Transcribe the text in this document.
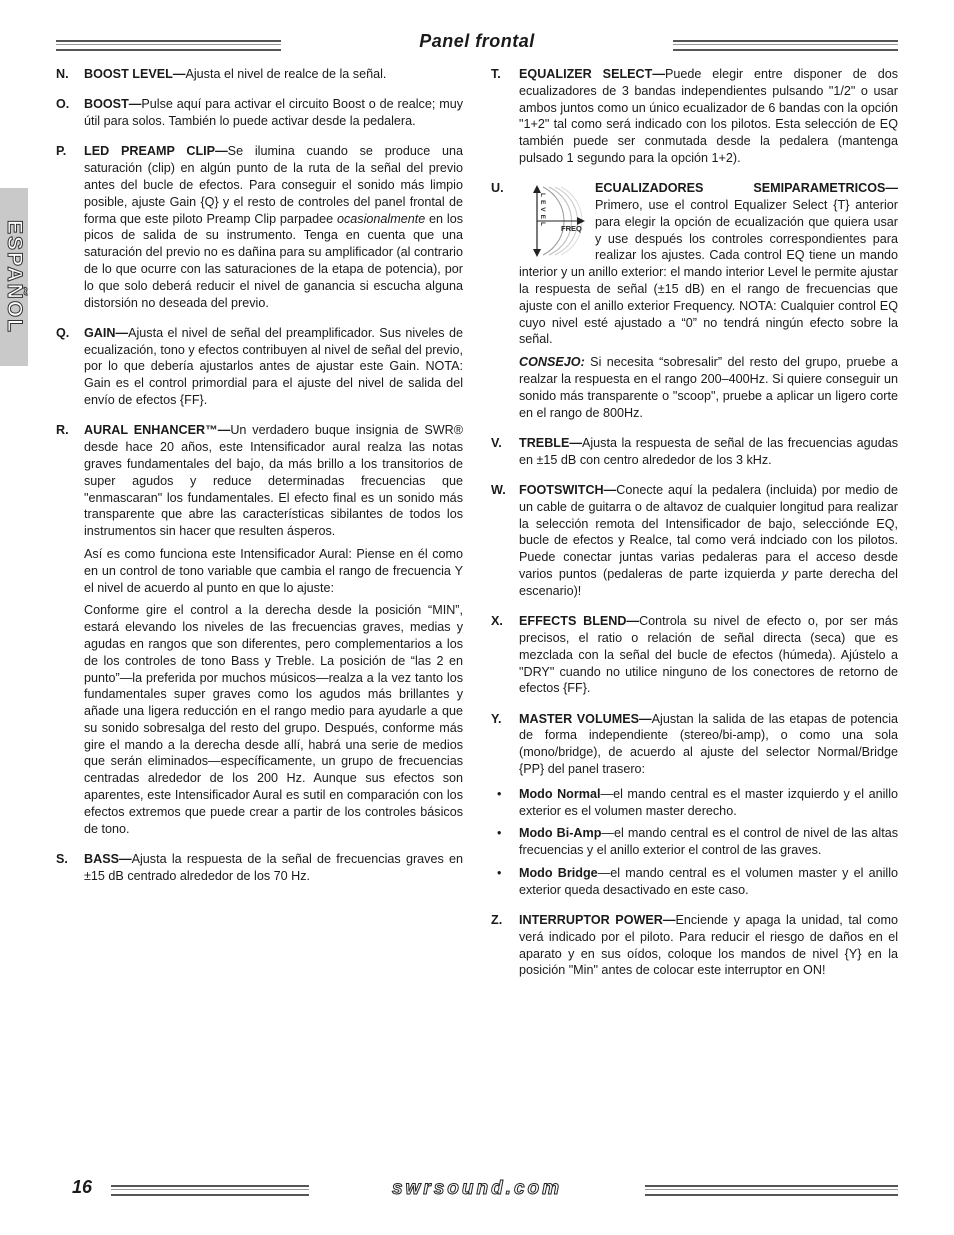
Panel frontal
ESPAÑOL
N. BOOST LEVEL—Ajusta el nivel de realce de la señal.
O. BOOST—Pulse aquí para activar el circuito Boost o de realce; muy útil para solos. También lo puede activar desde la pedalera.
P. LED PREAMP CLIP—Se ilumina cuando se produce una saturación (clip) en algún punto de la ruta de la señal del previo antes del bucle de efectos. Para conseguir el sonido más limpio posible, ajuste Gain {Q} y el resto de controles del panel frontal de forma que este piloto Preamp Clip parpadee ocasionalmente en los picos de salida de su instrumento. Tenga en cuenta que una saturación del previo no es dañina para su amplificador (al contrario de lo que ocurre con las saturaciones de la etapa de potencia), por lo que solo deberá reducir el nivel de ganancia si escucha alguna distorsión no deseada del previo.
Q. GAIN—Ajusta el nivel de señal del preamplificador. Sus niveles de ecualización, tono y efectos contribuyen al nivel de señal del previo, por lo que debería ajustarlos antes de ajustar este Gain. NOTA: Gain es el control primordial para el ajuste del nivel de salida del envío de efectos {FF}.
R. AURAL ENHANCER™—Un verdadero buque insignia de SWR® desde hace 20 años, este Intensificador aural realza las notas graves fundamentales del bajo, da más brillo a los transitorios de super agudos y reduce determinadas frecuencias que "enmascaran" los fundamentales. El efecto final es un sonido más transparente que abre las características sibilantes de todos los instrumentos sin hacer que resulten ásperos.
Así es como funciona este Intensificador Aural: Piense en él como en un control de tono variable que cambia el rango de frecuencia Y el nivel de acuerdo al punto en que lo ajuste:
Conforme gire el control a la derecha desde la posición “MIN”, estará elevando los niveles de las frecuencias graves, medias y agudas en rangos que son diferentes, pero complementarios a los de los controles de tono Bass y Treble. La posición de “las 2 en punto”—la preferida por muchos músicos—realza a la vez tanto los fundamentales super graves como los agudos más brillantes y añade una ligera reducción en el rango medio para ayudarle a que su sonido sobresalga del resto del grupo. Después, conforme más gire el mando a la derecha desde allí, habrá una serie de medios que serán eliminados—específicamente, un grupo de frecuencias centradas alrededor de los 200 Hz. Aunque sus efectos son aparentes, este Intensificador Aural es sutil en comparación con los efectos extremos que puede crear a partir de los controles básicos de tono.
S. BASS—Ajusta la respuesta de la señal de frecuencias graves en ±15 dB centrado alrededor de los 70 Hz.
T. EQUALIZER SELECT—Puede elegir entre disponer de dos ecualizadores de 3 bandas independientes pulsando "1/2" o usar ambos juntos como un único ecualizador de 6 bandas con la opción "1+2" tal como será indicado con los pilotos. Esta selección de EQ también puede ser conmutada desde la pedalera (mantenga pulsado 1 segundo para la opción 1+2).
U.	ECUALIZADORES SEMIPARAMETRICOS—
LEVEL FREQ
Primero, use el control Equalizer Select {T} anterior para elegir la opción de ecualización que quiera usar y use después los controles correspondientes para realizar los ajustes. Cada control EQ tiene un mando interior y un anillo exterior: el mando interior Level le permite ajustar la respuesta de señal (±15 dB) en el rango de frecuencias que ajuste con el anillo exterior Frequency. NOTA: Cualquier control EQ cuyo nivel esté ajustado a “0” no tendrá ningún efecto sobre la señal.
CONSEJO: Si necesita “sobresalir” del resto del grupo, pruebe a realzar la respuesta en el rango 200–400Hz. Si quiere conseguir un sonido más transparente o "scoop", pruebe a aplicar un ligero corte en el rango de 800Hz.
V. TREBLE—Ajusta la respuesta de señal de las frecuencias agudas en ±15 dB con centro alrededor de los 3 kHz.
W. FOOTSWITCH—Conecte aquí la pedalera (incluida) por medio de un cable de guitarra o de altavoz de cualquier longitud para realizar la selección remota del Intensificador de bajo, seleccióndе EQ, bucle de efectos y Realce, tal como verá indciado con los pilotos. Puede conectar juntas varias pedaleras para el acceso desde varios puntos (pedaleras de parte izquierda y parte derecha del escenario)!
X. EFFECTS BLEND—Controla su nivel de efecto o, por ser más precisos, el ratio o relación de señal directa (seca) que es mezclada con la señal del bucle de efectos (húmeda). Ajústelo a "DRY" cuando no utilice ninguno de los conectores de retorno de efectos {FF}.
Y. MASTER VOLUMES—Ajustan la salida de las etapas de potencia de forma independiente (stereo/bi-amp), o como una sola (mono/bridge), de acuerdo al ajuste del selector Normal/Bridge {PP} del panel trasero:
• Modo Normal—el mando central es el master izquierdo y el anillo exterior es el volumen master derecho.
• Modo Bi-Amp—el mando central es el control de nivel de las altas frecuencias y el anillo exterior el control de las graves.
• Modo Bridge—el mando central es el volumen master y el anillo exterior queda desactivado en este caso.
Z. INTERRUPTOR POWER—Enciende y apaga la unidad, tal como verá indicado por el piloto. Para reducir el riesgo de daños en el aparato y en sus oídos, coloque los mandos de nivel {Y} en la posición "Min" antes de colocar este interruptor en ON!
16	swrsound.com
